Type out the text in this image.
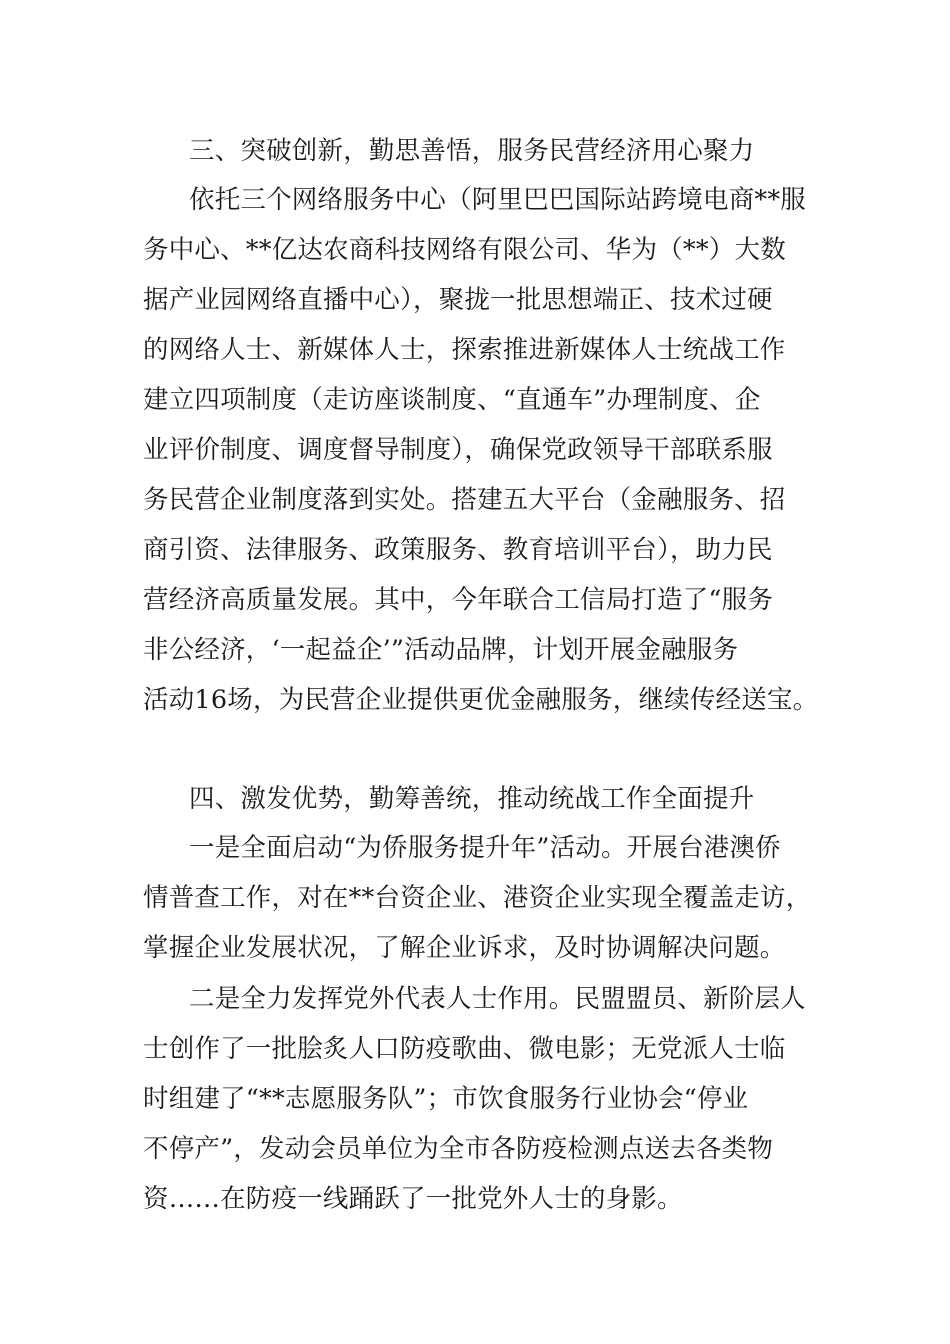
三、突破创新，勤思善悟，服务民营经济用心聚力
依托三个网络服务中心（阿里巴巴国际站跨境电商**服
务中心、**亿达农商科技网络有限公司、华为（**）大数
据产业园网络直播中心），聚拢一批思想端正、技术过硬
的网络人士、新媒体人士，探索推进新媒体人士统战工作
建立四项制度（走访座谈制度、“直通车”办理制度、企
业评价制度、调度督导制度），确保党政领导干部联系服
务民营企业制度落到实处。搭建五大平台（金融服务、招
商引资、法律服务、政策服务、教育培训平台），助力民
营经济高质量发展。其中，今年联合工信局打造了“服务
非公经济，‘一起益企’”活动品牌，计划开展金融服务
活动16场，为民营企业提供更优金融服务，继续传经送宝。
四、激发优势，勤筹善统，推动统战工作全面提升
一是全面启动“为侨服务提升年”活动。开展台港澳侨
情普查工作，对在**台资企业、港资企业实现全覆盖走访，
掌握企业发展状况，了解企业诉求，及时协调解决问题。
二是全力发挥党外代表人士作用。民盟盟员、新阶层人
士创作了一批脍炙人口防疫歌曲、微电影；无党派人士临
时组建了“**志愿服务队”；市饮食服务行业协会“停业
不停产”，发动会员单位为全市各防疫检测点送去各类物
资……在防疫一线踊跃了一批党外人士的身影。
